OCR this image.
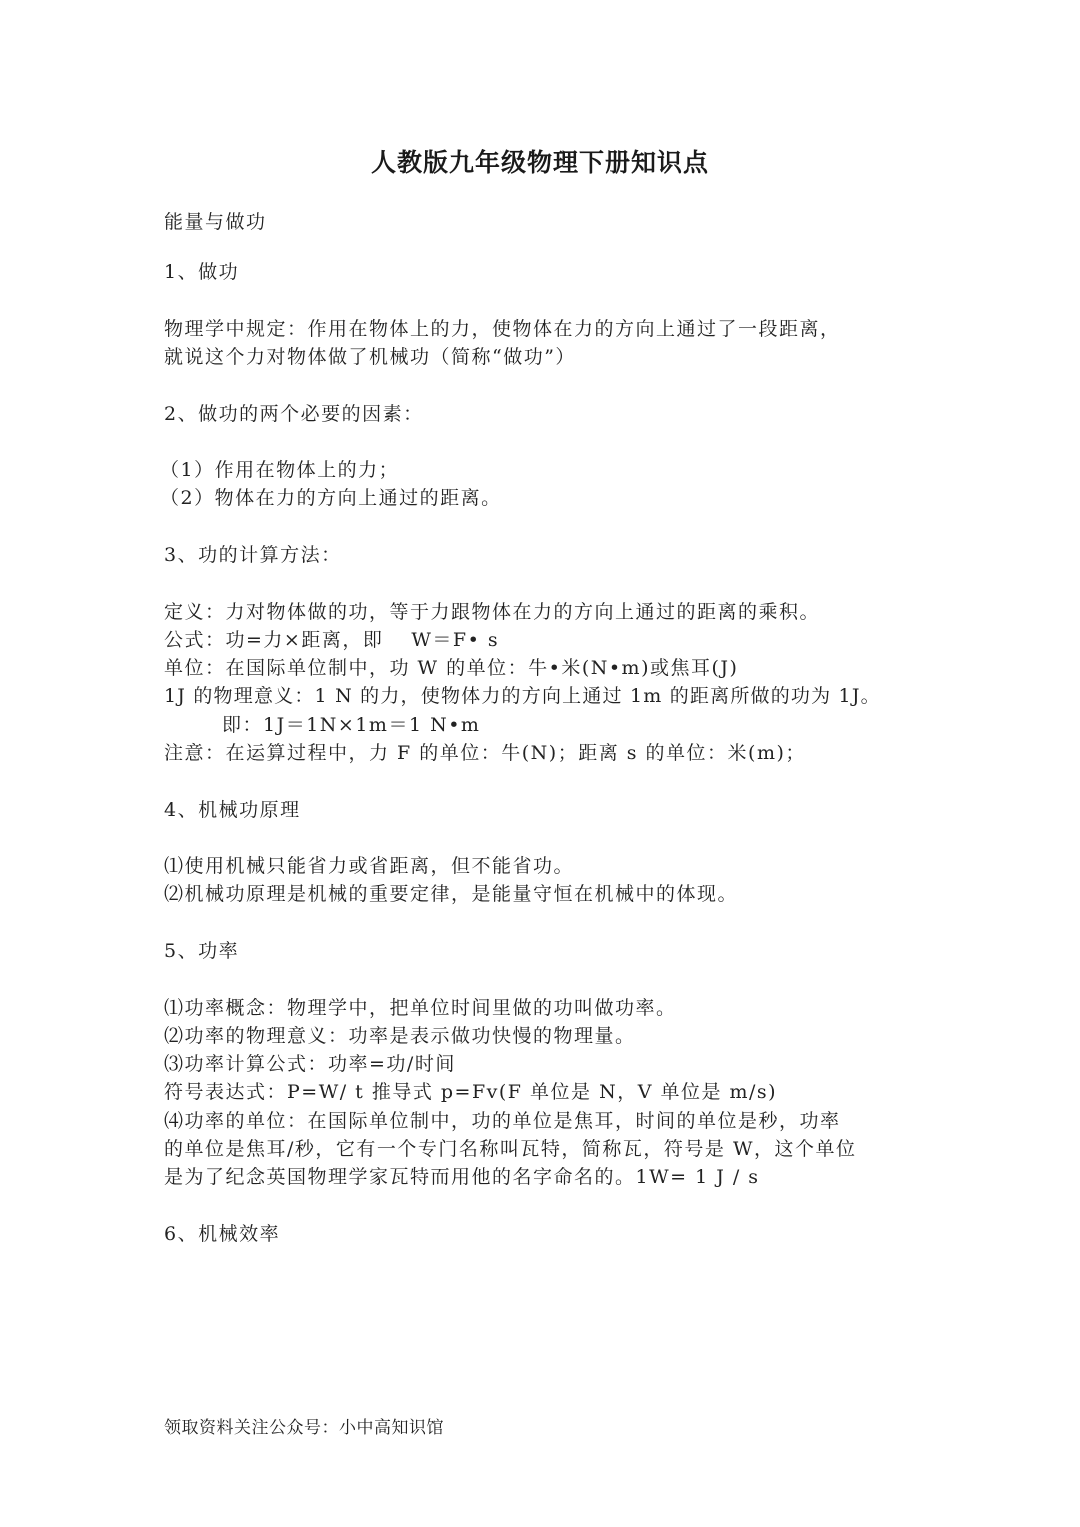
人教版九年级物理下册知识点
能量与做功
1、做功
物理学中规定：作用在物体上的力，使物体在力的方向上通过了一段距离，
就说这个力对物体做了机械功（简称“做功”）
2、做功的两个必要的因素：
（1）作用在物体上的力；
（2）物体在力的方向上通过的距离。
3、功的计算方法：
定义：力对物体做的功，等于力跟物体在力的方向上通过的距离的乘积。
公式：功=力×距离，即　 W＝F• s
单位：在国际单位制中，功 W 的单位：牛•米(N•m)或焦耳(J)
1J 的物理意义：1 N 的力，使物体力的方向上通过 1m 的距离所做的功为 1J。
即：1J＝1N×1m＝1 N•m
注意：在运算过程中，力 F 的单位：牛(N)；距离 s 的单位：米(m)；
4、机械功原理
⑴使用机械只能省力或省距离，但不能省功。
⑵机械功原理是机械的重要定律，是能量守恒在机械中的体现。
5、功率
⑴功率概念：物理学中，把单位时间里做的功叫做功率。
⑵功率的物理意义：功率是表示做功快慢的物理量。
⑶功率计算公式：功率=功/时间
符号表达式：P=W/ t 推导式 p=Fv(F 单位是 N，V 单位是 m/s)
⑷功率的单位：在国际单位制中，功的单位是焦耳，时间的单位是秒，功率
的单位是焦耳/秒，它有一个专门名称叫瓦特，简称瓦，符号是 W，这个单位
是为了纪念英国物理学家瓦特而用他的名字命名的。1W= 1 J / s
6、机械效率
领取资料关注公众号：小中高知识馆
